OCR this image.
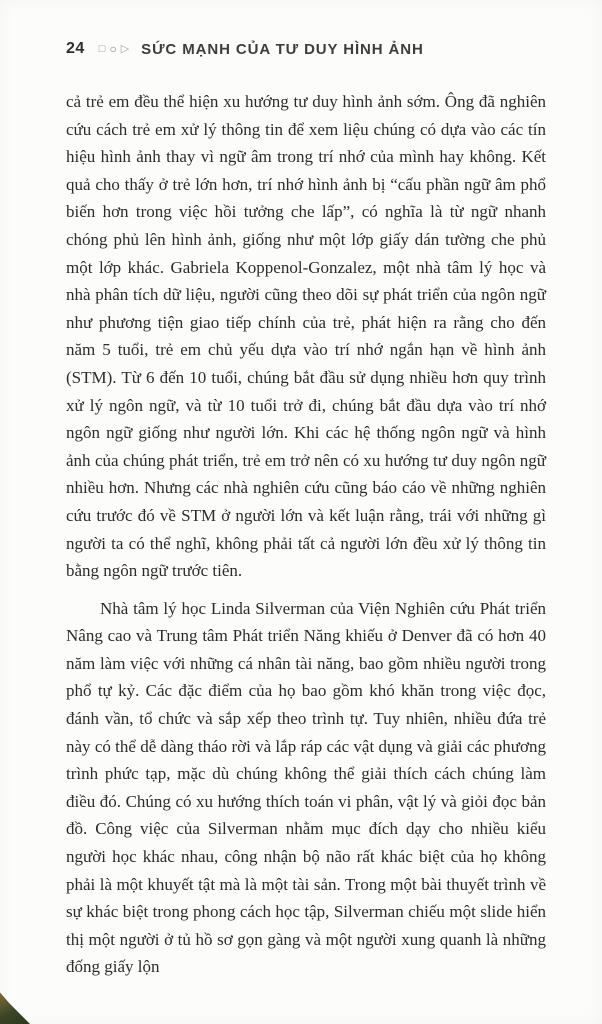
24 □ ○ ▷ SỨC MẠNH CỦA TƯ DUY HÌNH ẢNH

cả trẻ em đều thể hiện xu hướng tư duy hình ảnh sớm. Ông đã nghiên cứu cách trẻ em xử lý thông tin để xem liệu chúng có dựa vào các tín hiệu hình ảnh thay vì ngữ âm trong trí nhớ của mình hay không. Kết quả cho thấy ở trẻ lớn hơn, trí nhớ hình ảnh bị “cấu phần ngữ âm phổ biến hơn trong việc hồi tưởng che lấp”, có nghĩa là từ ngữ nhanh chóng phủ lên hình ảnh, giống như một lớp giấy dán tường che phủ một lớp khác. Gabriela Koppenol-Gonzalez, một nhà tâm lý học và nhà phân tích dữ liệu, người cũng theo dõi sự phát triển của ngôn ngữ như phương tiện giao tiếp chính của trẻ, phát hiện ra rằng cho đến năm 5 tuổi, trẻ em chủ yếu dựa vào trí nhớ ngắn hạn về hình ảnh (STM). Từ 6 đến 10 tuổi, chúng bắt đầu sử dụng nhiều hơn quy trình xử lý ngôn ngữ, và từ 10 tuổi trở đi, chúng bắt đầu dựa vào trí nhớ ngôn ngữ giống như người lớn. Khi các hệ thống ngôn ngữ và hình ảnh của chúng phát triển, trẻ em trở nên có xu hướng tư duy ngôn ngữ nhiều hơn. Nhưng các nhà nghiên cứu cũng báo cáo về những nghiên cứu trước đó về STM ở người lớn và kết luận rằng, trái với những gì người ta có thể nghĩ, không phải tất cả người lớn đều xử lý thông tin bằng ngôn ngữ trước tiên.

Nhà tâm lý học Linda Silverman của Viện Nghiên cứu Phát triển Nâng cao và Trung tâm Phát triển Năng khiếu ở Denver đã có hơn 40 năm làm việc với những cá nhân tài năng, bao gồm nhiều người trong phổ tự kỷ. Các đặc điểm của họ bao gồm khó khăn trong việc đọc, đánh vần, tổ chức và sắp xếp theo trình tự. Tuy nhiên, nhiều đứa trẻ này có thể dễ dàng tháo rời và lắp ráp các vật dụng và giải các phương trình phức tạp, mặc dù chúng không thể giải thích cách chúng làm điều đó. Chúng có xu hướng thích toán vi phân, vật lý và giỏi đọc bản đồ. Công việc của Silverman nhằm mục đích dạy cho nhiều kiểu người học khác nhau, công nhận bộ não rất khác biệt của họ không phải là một khuyết tật mà là một tài sản. Trong một bài thuyết trình về sự khác biệt trong phong cách học tập, Silverman chiếu một slide hiển thị một người ở tủ hồ sơ gọn gàng và một người xung quanh là những đống giấy lộn
